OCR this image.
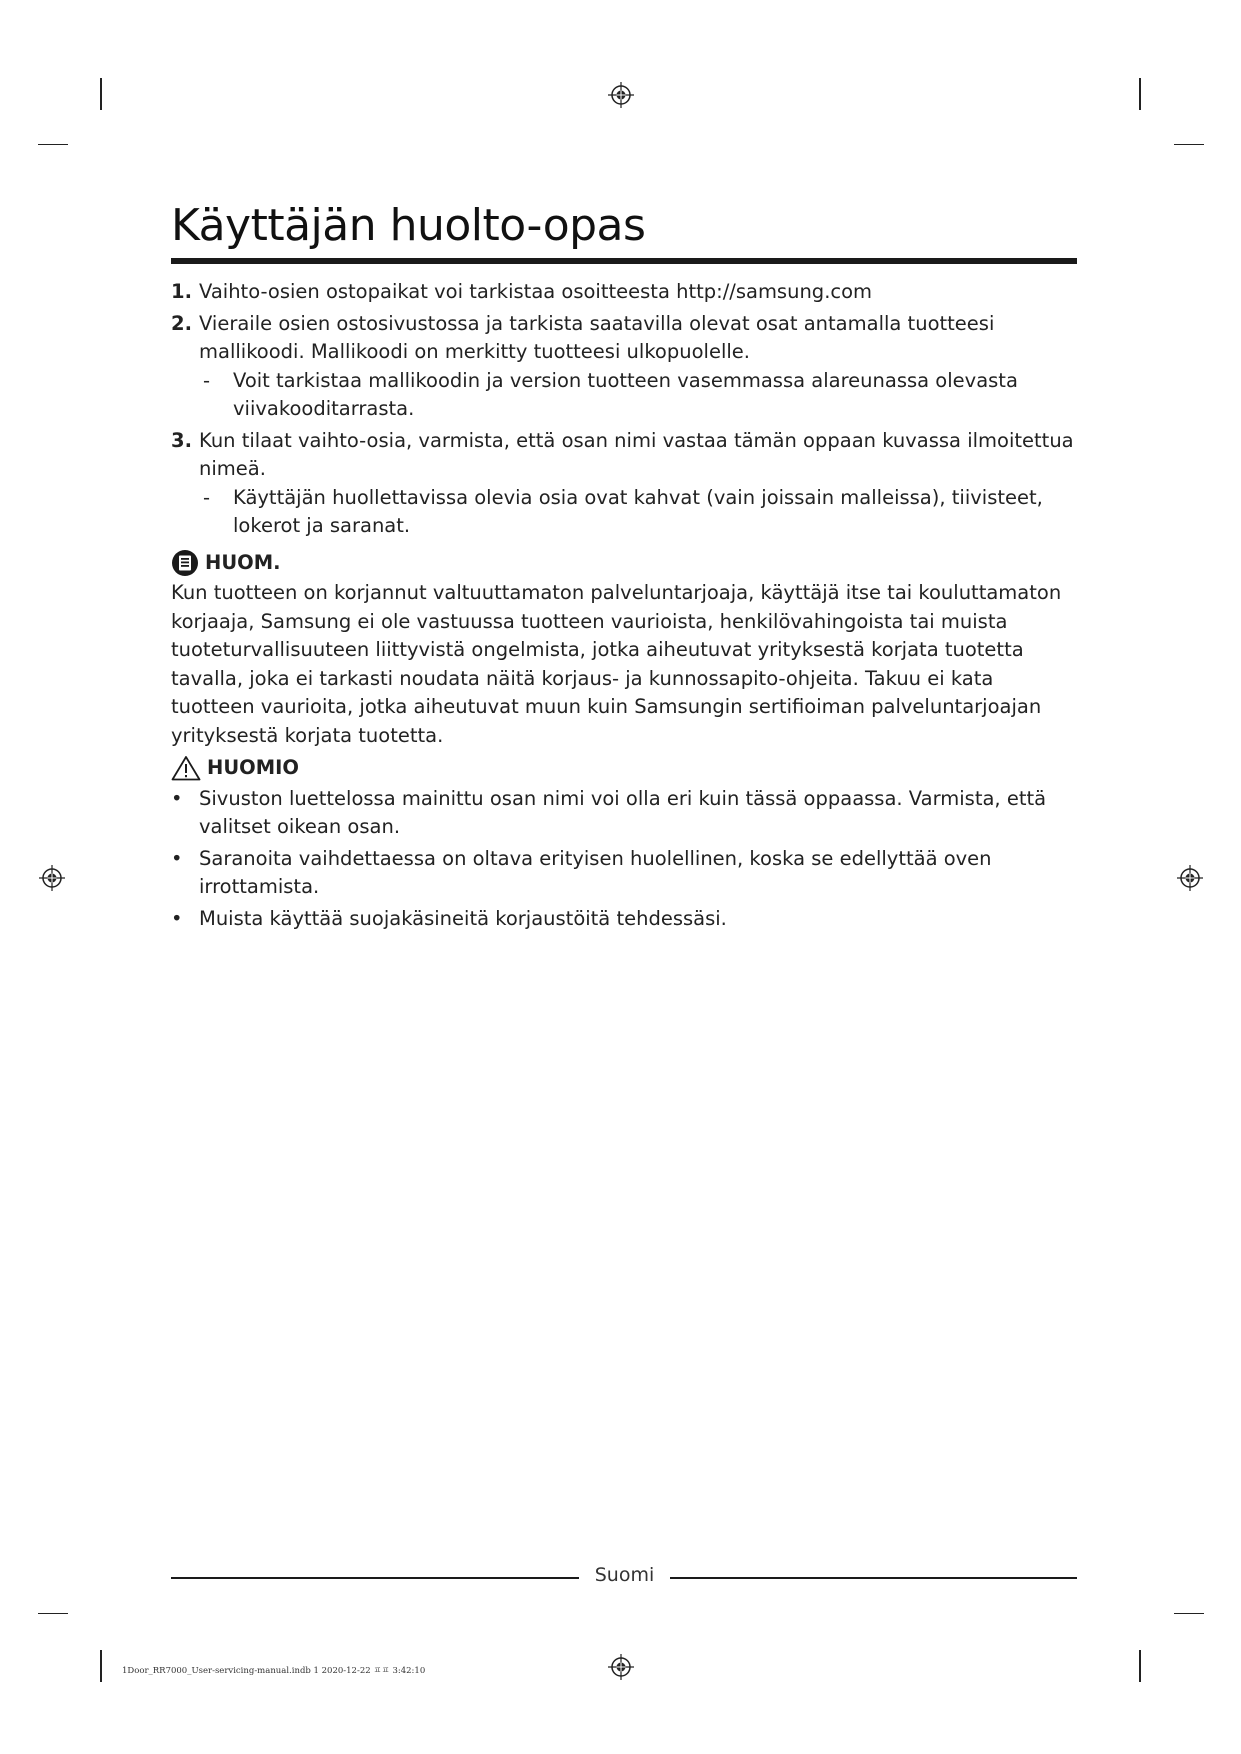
Käyttäjän huolto-opas
1. Vaihto-osien ostopaikat voi tarkistaa osoitteesta http://samsung.com
2. Vieraile osien ostosivustossa ja tarkista saatavilla olevat osat antamalla tuotteesi mallikoodi. Mallikoodi on merkitty tuotteesi ulkopuolelle.
- Voit tarkistaa mallikoodin ja version tuotteen vasemmassa alareunassa olevasta viivakooditarrasta.
3. Kun tilaat vaihto-osia, varmista, että osan nimi vastaa tämän oppaan kuvassa ilmoitettua nimeä.
- Käyttäjän huollettavissa olevia osia ovat kahvat (vain joissain malleissa), tiivisteet, lokerot ja saranat.
HUOM.

Kun tuotteen on korjannut valtuuttamaton palveluntarjoaja, käyttäjä itse tai kouluttamaton korjaaja, Samsung ei ole vastuussa tuotteen vaurioista, henkilövahingoista tai muista tuoteturvallisuuteen liittyvistä ongelmista, jotka aiheutuvat yrityksestä korjata tuotetta tavalla, joka ei tarkasti noudata näitä korjaus- ja kunnossapito-ohjeita. Takuu ei kata tuotteen vaurioita, jotka aiheutuvat muun kuin Samsungin sertifioiman palveluntarjoajan yrityksestä korjata tuotetta.

HUOMIO
• Sivuston luettelossa mainittu osan nimi voi olla eri kuin tässä oppaassa. Varmista, että valitset oikean osan.
• Saranoita vaihdettaessa on oltava erityisen huolellinen, koska se edellyttää oven irrottamista.
• Muista käyttää suojakäsineitä korjaustöitä tehdessäsi.
Suomi
1Door_RR7000_User-servicing-manual.indb 1 2020-12-22 ㅍㅍ 3:42:10
